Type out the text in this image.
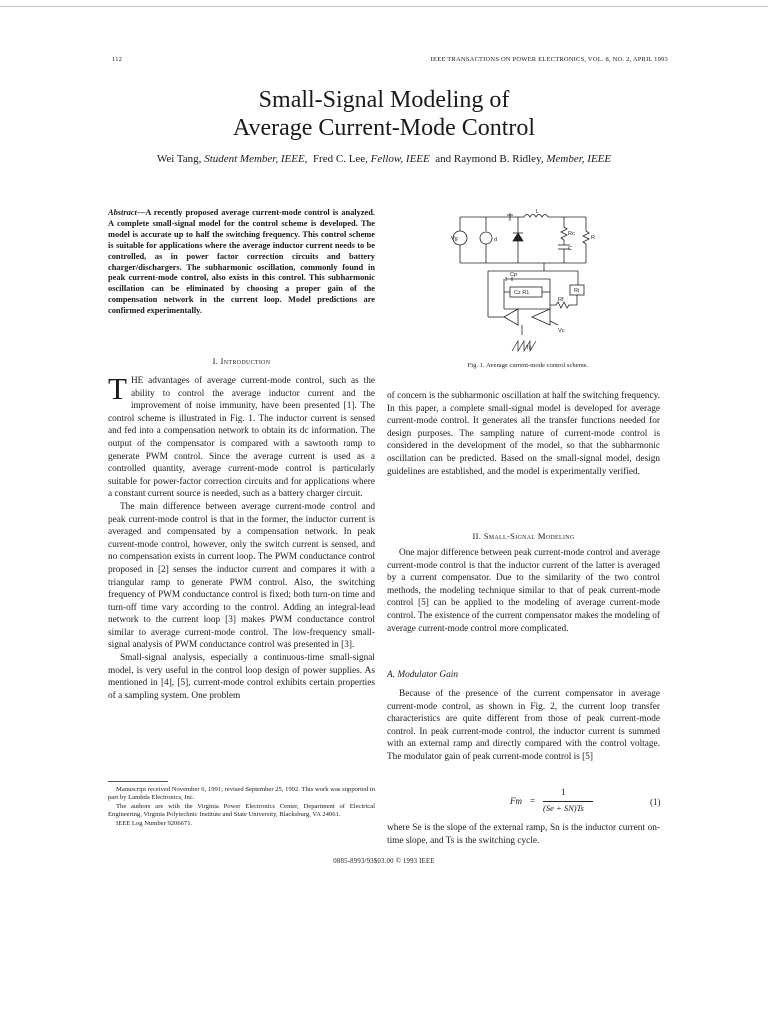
112	IEEE TRANSACTIONS ON POWER ELECTRONICS, VOL. 8, NO. 2, APRIL 1993
Small-Signal Modeling of
Average Current-Mode Control
Wei Tang, Student Member, IEEE, Fred C. Lee, Fellow, IEEE and Raymond B. Ridley, Member, IEEE
Abstract—A recently proposed average current-mode control is analyzed. A complete small-signal model for the control scheme is developed. The model is accurate up to half the switching frequency. This control scheme is suitable for applications where the average inductor current needs to be controlled, as in power factor correction circuits and battery charger/dischargers. The subharmonic oscillation, commonly found in peak current-mode control, also exists in this control. This subharmonic oscillation can be eliminated by choosing a proper gain of the compensation network in the current loop. Model predictions are confirmed experimentally.
Vg	d
L
Rc
C
R
Cp
Cz R1	Ri
Rf
Vc
Ts
Fig. 1. Average current-mode control scheme.
I. Introduction

THE advantages of average current-mode control, such as the ability to control the average inductor current and the improvement of noise immunity, have been presented [1]. The control scheme is illustrated in Fig. 1. The inductor current is sensed and fed into a compensation network to obtain its dc information. The output of the compensator is compared with a sawtooth ramp to generate PWM control. Since the average current is used as a controlled quantity, average current-mode control is particularly suitable for power-factor correction circuits and for applications where a constant current source is needed, such as a battery charger circuit.

The main difference between average current-mode control and peak current-mode control is that in the former, the inductor current is averaged and compensated by a compensation network. In peak current-mode control, however, only the switch current is sensed, and no compensation exists in current loop. The PWM conductance control proposed in [2] senses the inductor current and compares it with a triangular ramp to generate PWM control. Also, the switching frequency of PWM conductance control is fixed; both turn-on time and turn-off time vary according to the control. Adding an integral-lead network to the current loop [3] makes PWM conductance control similar to average current-mode control. The low-frequency small-signal analysis of PWM conductance control was presented in [3].

Small-signal analysis, especially a continuous-time small-signal model, is very useful in the control loop design of power supplies. As mentioned in [4], [5], current-mode control exhibits certain properties of a sampling system. One problem

Manuscript received November 6, 1991; revised September 25, 1992. This work was supported in part by Lambda Electronics, Inc.

The authors are with the Virginia Power Electronics Center, Department of Electrical Engineering, Virginia Polytechnic Institute and State University, Blacksburg, VA 24061.

IEEE Log Number 9206671.

of concern is the subharmonic oscillation at half the switching frequency. In this paper, a complete small-signal model is developed for average current-mode control. It generates all the transfer functions needed for design purposes. The sampling nature of current-mode control is considered in the development of the model, so that the subharmonic oscillation can be predicted. Based on the small-signal model, design guidelines are established, and the model is experimentally verified.

II. Small-Signal Modeling

One major difference between peak current-mode control and average current-mode control is that the inductor current of the latter is averaged by a current compensator. Due to the similarity of the two control methods, the modeling technique similar to that of peak current-mode control [5] can be applied to the modeling of average current-mode control. The existence of the current compensator makes the modeling of average current-mode control more complicated.

A. Modulator Gain

Because of the presence of the current compensator in average current-mode control, as shown in Fig. 2, the current loop transfer characteristics are quite different from those of peak current-mode control. In peak current-mode control, the inductor current is summed with an external ramp and directly compared with the control voltage. The modulator gain of peak current-mode control is [5]

Fm =
1
(Se + SN)Ts
(1)

where Se is the slope of the external ramp, Sn is the inductor current on-time slope, and Ts is the switching cycle.

0885-8993/93$03.00 © 1993 IEEE
